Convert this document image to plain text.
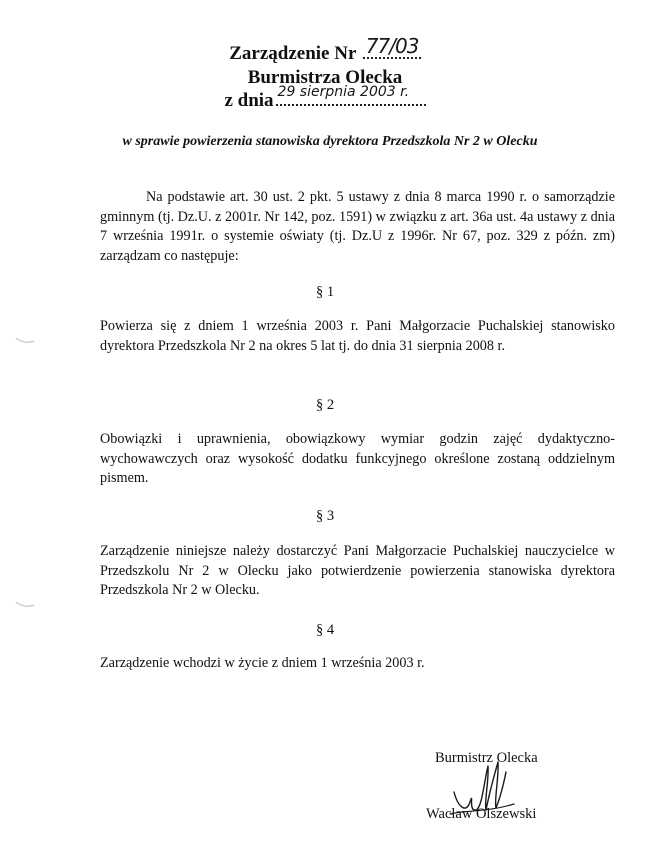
Zarządzenie Nr 77/03
Burmistrza Olecka
z dnia 29 sierpnia 2003 r.
w sprawie powierzenia stanowiska dyrektora Przedszkola Nr 2 w Olecku
Na podstawie art. 30 ust. 2 pkt. 5 ustawy z dnia 8 marca 1990 r. o samorządzie gminnym (tj. Dz.U. z 2001r. Nr 142, poz. 1591) w związku z art. 36a ust. 4a ustawy z dnia 7 września 1991r. o systemie oświaty (tj. Dz.U z 1996r. Nr 67, poz. 329 z późn. zm) zarządzam co następuje:
§ 1
Powierza się z dniem 1 września 2003 r. Pani Małgorzacie Puchalskiej stanowisko dyrektora Przedszkola Nr 2 na okres 5 lat tj. do dnia 31 sierpnia 2008 r.
§ 2
Obowiązki i uprawnienia, obowiązkowy wymiar godzin zajęć dydaktyczno-wychowawczych oraz wysokość dodatku funkcyjnego określone zostaną oddzielnym pismem.
§ 3
Zarządzenie niniejsze należy dostarczyć Pani Małgorzacie Puchalskiej nauczycielce w Przedszkolu Nr 2 w Olecku jako potwierdzenie powierzenia stanowiska dyrektora Przedszkola Nr 2 w Olecku.
§ 4
Zarządzenie wchodzi w życie z dniem 1 września 2003 r.
Burmistrz Olecka
Wacław Olszewski
